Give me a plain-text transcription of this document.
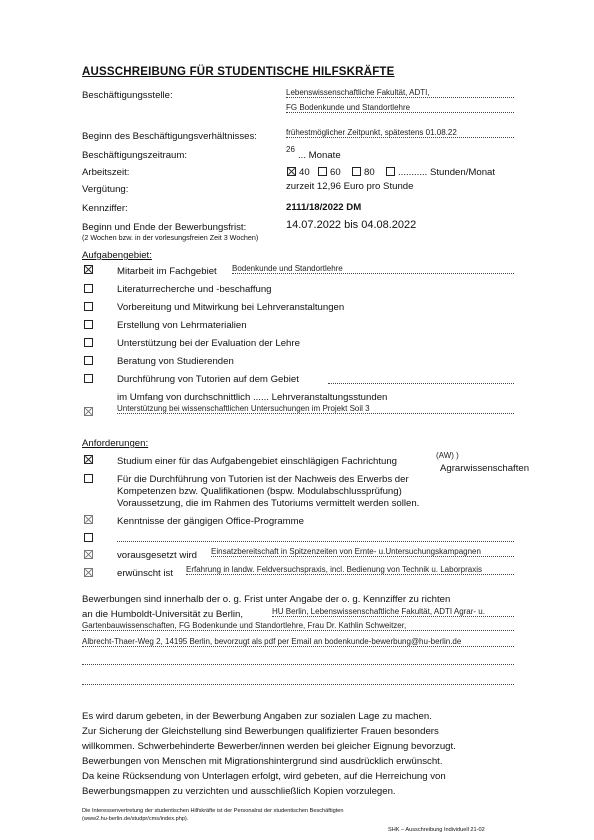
AUSSCHREIBUNG FÜR STUDENTISCHE HILFSKRÄFTE
Beschäftigungsstelle:	Lebenswissenschaftliche Fakultät, ADTI,
FG Bodenkunde und Standortlehre
Beginn des Beschäftigungsverhältnisses:	frühestmöglicher Zeitpunkt, spätestens 01.08.22
Beschäftigungszeitraum:
26
... Monate
Arbeitszeit:	40 60 80 ........... Stunden/Monat
Vergütung:	zurzeit 12,96 Euro pro Stunde
Kennziffer:	2111/18/2022 DM
Beginn und Ende der Bewerbungsfrist:	14.07.2022 bis 04.08.2022
(2 Wochen bzw. in der vorlesungsfreien Zeit 3 Wochen)
Aufgabengebiet:
Mitarbeit im Fachgebiet Bodenkunde und Standortlehre
Literaturrecherche und -beschaffung
Vorbereitung und Mitwirkung bei Lehrveranstaltungen
Erstellung von Lehrmaterialien
Unterstützung bei der Evaluation der Lehre
Beratung von Studierenden
Durchführung von Tutorien auf dem Gebiet
im Umfang von durchschnittlich ...... Lehrveranstaltungsstunden
Unterstützung bei wissenschaftlichen Untersuchungen im Projekt Soil 3
Anforderungen:
Studium einer für das Aufgabengebiet einschlägigen Fachrichtung
(AW) )
Agrarwissenschaften
Für die Durchführung von Tutorien ist der Nachweis des Erwerbs der
Kompetenzen bzw. Qualifikationen (bspw. Modulabschlussprüfung)
Voraussetzung, die im Rahmen des Tutoriums vermittelt werden sollen.
Kenntnisse der gängigen Office-Programme
vorausgesetzt wird Einsatzbereitschaft in Spitzenzeiten von Ernte- u.Untersuchungskampagnen
erwünscht ist Erfahrung in landw. Feldversuchspraxis, incl. Bedienung von Technik u. Laborpraxis
Bewerbungen sind innerhalb der o. g. Frist unter Angabe der o. g. Kennziffer zu richten
an die Humboldt-Universität zu Berlin,	HU Berlin, Lebenswissenschaftliche Fakultät, ADTI Agrar- u.
Gartenbauwissenschaften, FG Bodenkunde und Standortlehre, Frau Dr. Kathlin Schweitzer,
Albrecht-Thaer-Weg 2, 14195 Berlin, bevorzugt als pdf per Email an bodenkunde-bewerbung@hu-berlin.de
Es wird darum gebeten, in der Bewerbung Angaben zur sozialen Lage zu machen.
Zur Sicherung der Gleichstellung sind Bewerbungen qualifizierter Frauen besonders
willkommen. Schwerbehinderte Bewerber/innen werden bei gleicher Eignung bevorzugt.
Bewerbungen von Menschen mit Migrationshintergrund sind ausdrücklich erwünscht.
Da keine Rücksendung von Unterlagen erfolgt, wird gebeten, auf die Herreichung von
Bewerbungsmappen zu verzichten und ausschließlich Kopien vorzulegen.
Die Interessenvertretung der studentischen Hilfskräfte ist der Personalrat der studentischen Beschäftigten
(www2.hu-berlin.de/studpr/cms/index.php).
SHK – Ausschreibung Individuell 21-02
